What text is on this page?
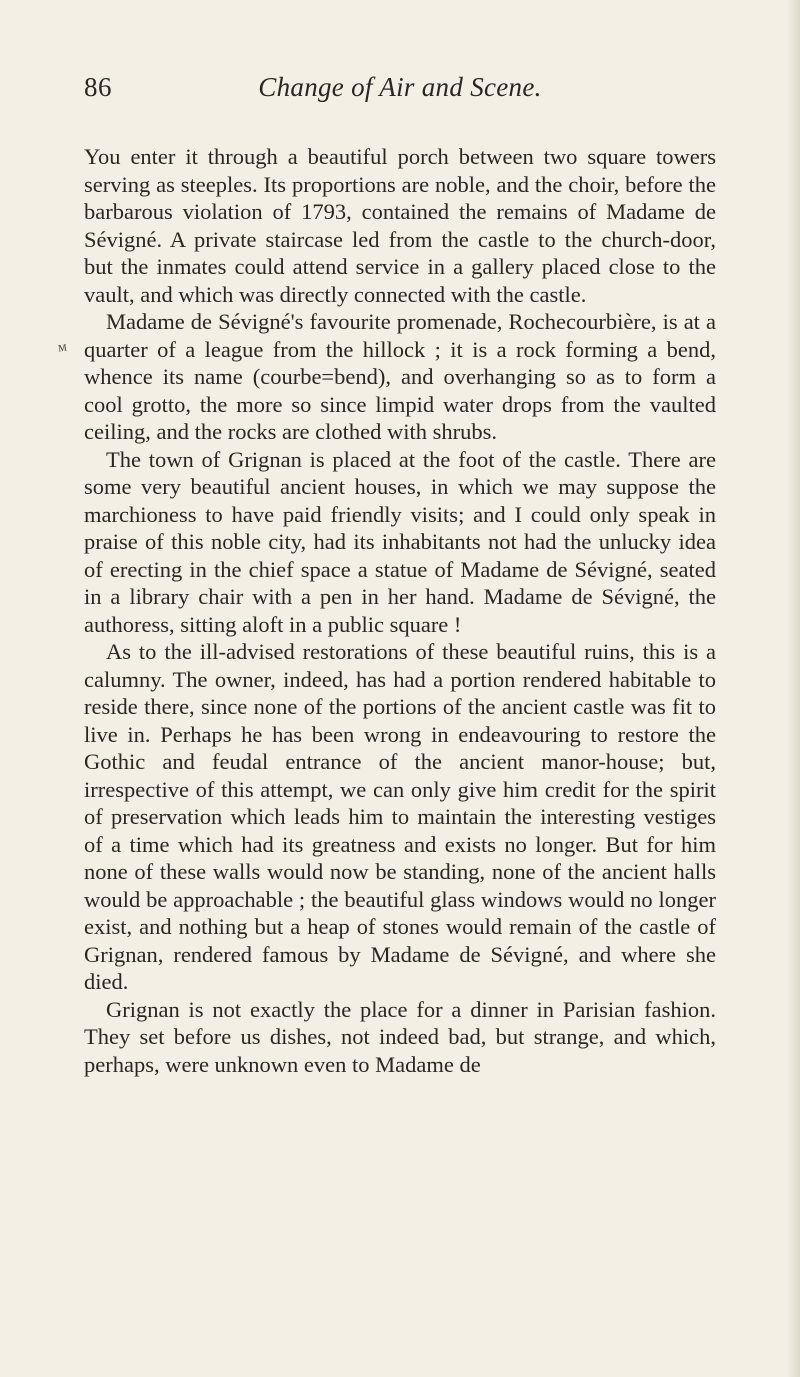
86	Change of Air and Scene.
ᴍ

You enter it through a beautiful porch between two square towers serving as steeples. Its proportions are noble, and the choir, before the barbarous violation of 1793, contained the remains of Madame de Sévigné. A private staircase led from the castle to the church-door, but the inmates could attend service in a gallery placed close to the vault, and which was directly connected with the castle.

Madame de Sévigné's favourite promenade, Rochecourbière, is at a quarter of a league from the hillock ; it is a rock forming a bend, whence its name (courbe=bend), and overhanging so as to form a cool grotto, the more so since limpid water drops from the vaulted ceiling, and the rocks are clothed with shrubs.

The town of Grignan is placed at the foot of the castle. There are some very beautiful ancient houses, in which we may suppose the marchioness to have paid friendly visits; and I could only speak in praise of this noble city, had its inhabitants not had the unlucky idea of erecting in the chief space a statue of Madame de Sévigné, seated in a library chair with a pen in her hand. Madame de Sévigné, the authoress, sitting aloft in a public square !

As to the ill-advised restorations of these beautiful ruins, this is a calumny. The owner, indeed, has had a portion rendered habitable to reside there, since none of the portions of the ancient castle was fit to live in. Perhaps he has been wrong in endeavouring to restore the Gothic and feudal entrance of the ancient manor-house; but, irrespective of this attempt, we can only give him credit for the spirit of preservation which leads him to maintain the interesting vestiges of a time which had its greatness and exists no longer. But for him none of these walls would now be standing, none of the ancient halls would be approachable ; the beautiful glass windows would no longer exist, and nothing but a heap of stones would remain of the castle of Grignan, rendered famous by Madame de Sévigné, and where she died.

Grignan is not exactly the place for a dinner in Parisian fashion. They set before us dishes, not indeed bad, but strange, and which, perhaps, were unknown even to Madame de
